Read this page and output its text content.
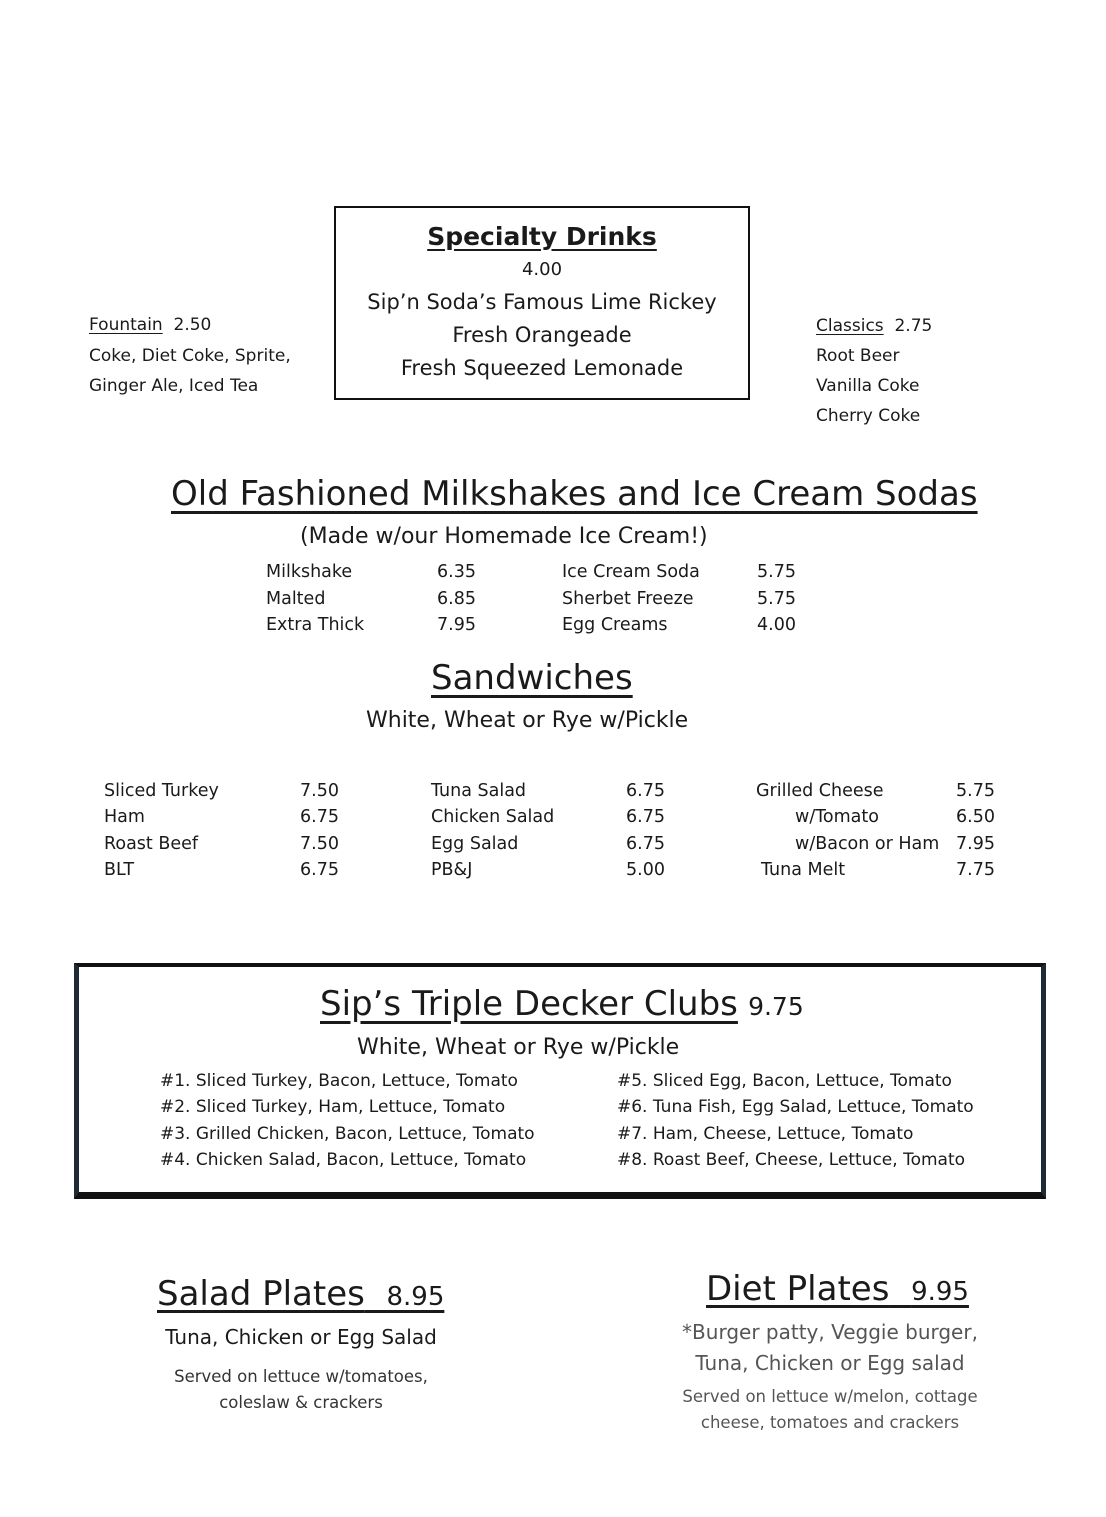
Fountain 2.50
Coke, Diet Coke, Sprite,
Ginger Ale, Iced Tea
Specialty Drinks
4.00
Sip’n Soda’s Famous Lime Rickey
Fresh Orangeade
Fresh Squeezed Lemonade
Classics 2.75
Root Beer
Vanilla Coke
Cherry Coke
Old Fashioned Milkshakes and Ice Cream Sodas
(Made w/our Homemade Ice Cream!)
Milkshake
Malted
Extra Thick
6.35
6.85
7.95
Ice Cream Soda
Sherbet Freeze
Egg Creams
5.75
5.75
4.00
Sandwiches
White, Wheat or Rye w/Pickle
Sliced Turkey
Ham
Roast Beef
BLT
7.50
6.75
7.50
6.75
Tuna Salad
Chicken Salad
Egg Salad
PB&J
6.75
6.75
6.75
5.00
Grilled Cheese
w/Tomato
w/Bacon or Ham
Tuna Melt
5.75
6.50
7.95
7.75
Sip’s Triple Decker Clubs 9.75
White, Wheat or Rye w/Pickle
#1. Sliced Turkey, Bacon, Lettuce, Tomato
#2. Sliced Turkey, Ham, Lettuce, Tomato
#3. Grilled Chicken, Bacon, Lettuce, Tomato
#4. Chicken Salad, Bacon, Lettuce, Tomato
#5. Sliced Egg, Bacon, Lettuce, Tomato
#6. Tuna Fish, Egg Salad, Lettuce, Tomato
#7. Ham, Cheese, Lettuce, Tomato
#8. Roast Beef, Cheese, Lettuce, Tomato
Salad Plates 8.95
Tuna, Chicken or Egg Salad
Served on lettuce w/tomatoes,
coleslaw & crackers
Diet Plates 9.95
*Burger patty, Veggie burger,
Tuna, Chicken or Egg salad
Served on lettuce w/melon, cottage
cheese, tomatoes and crackers
